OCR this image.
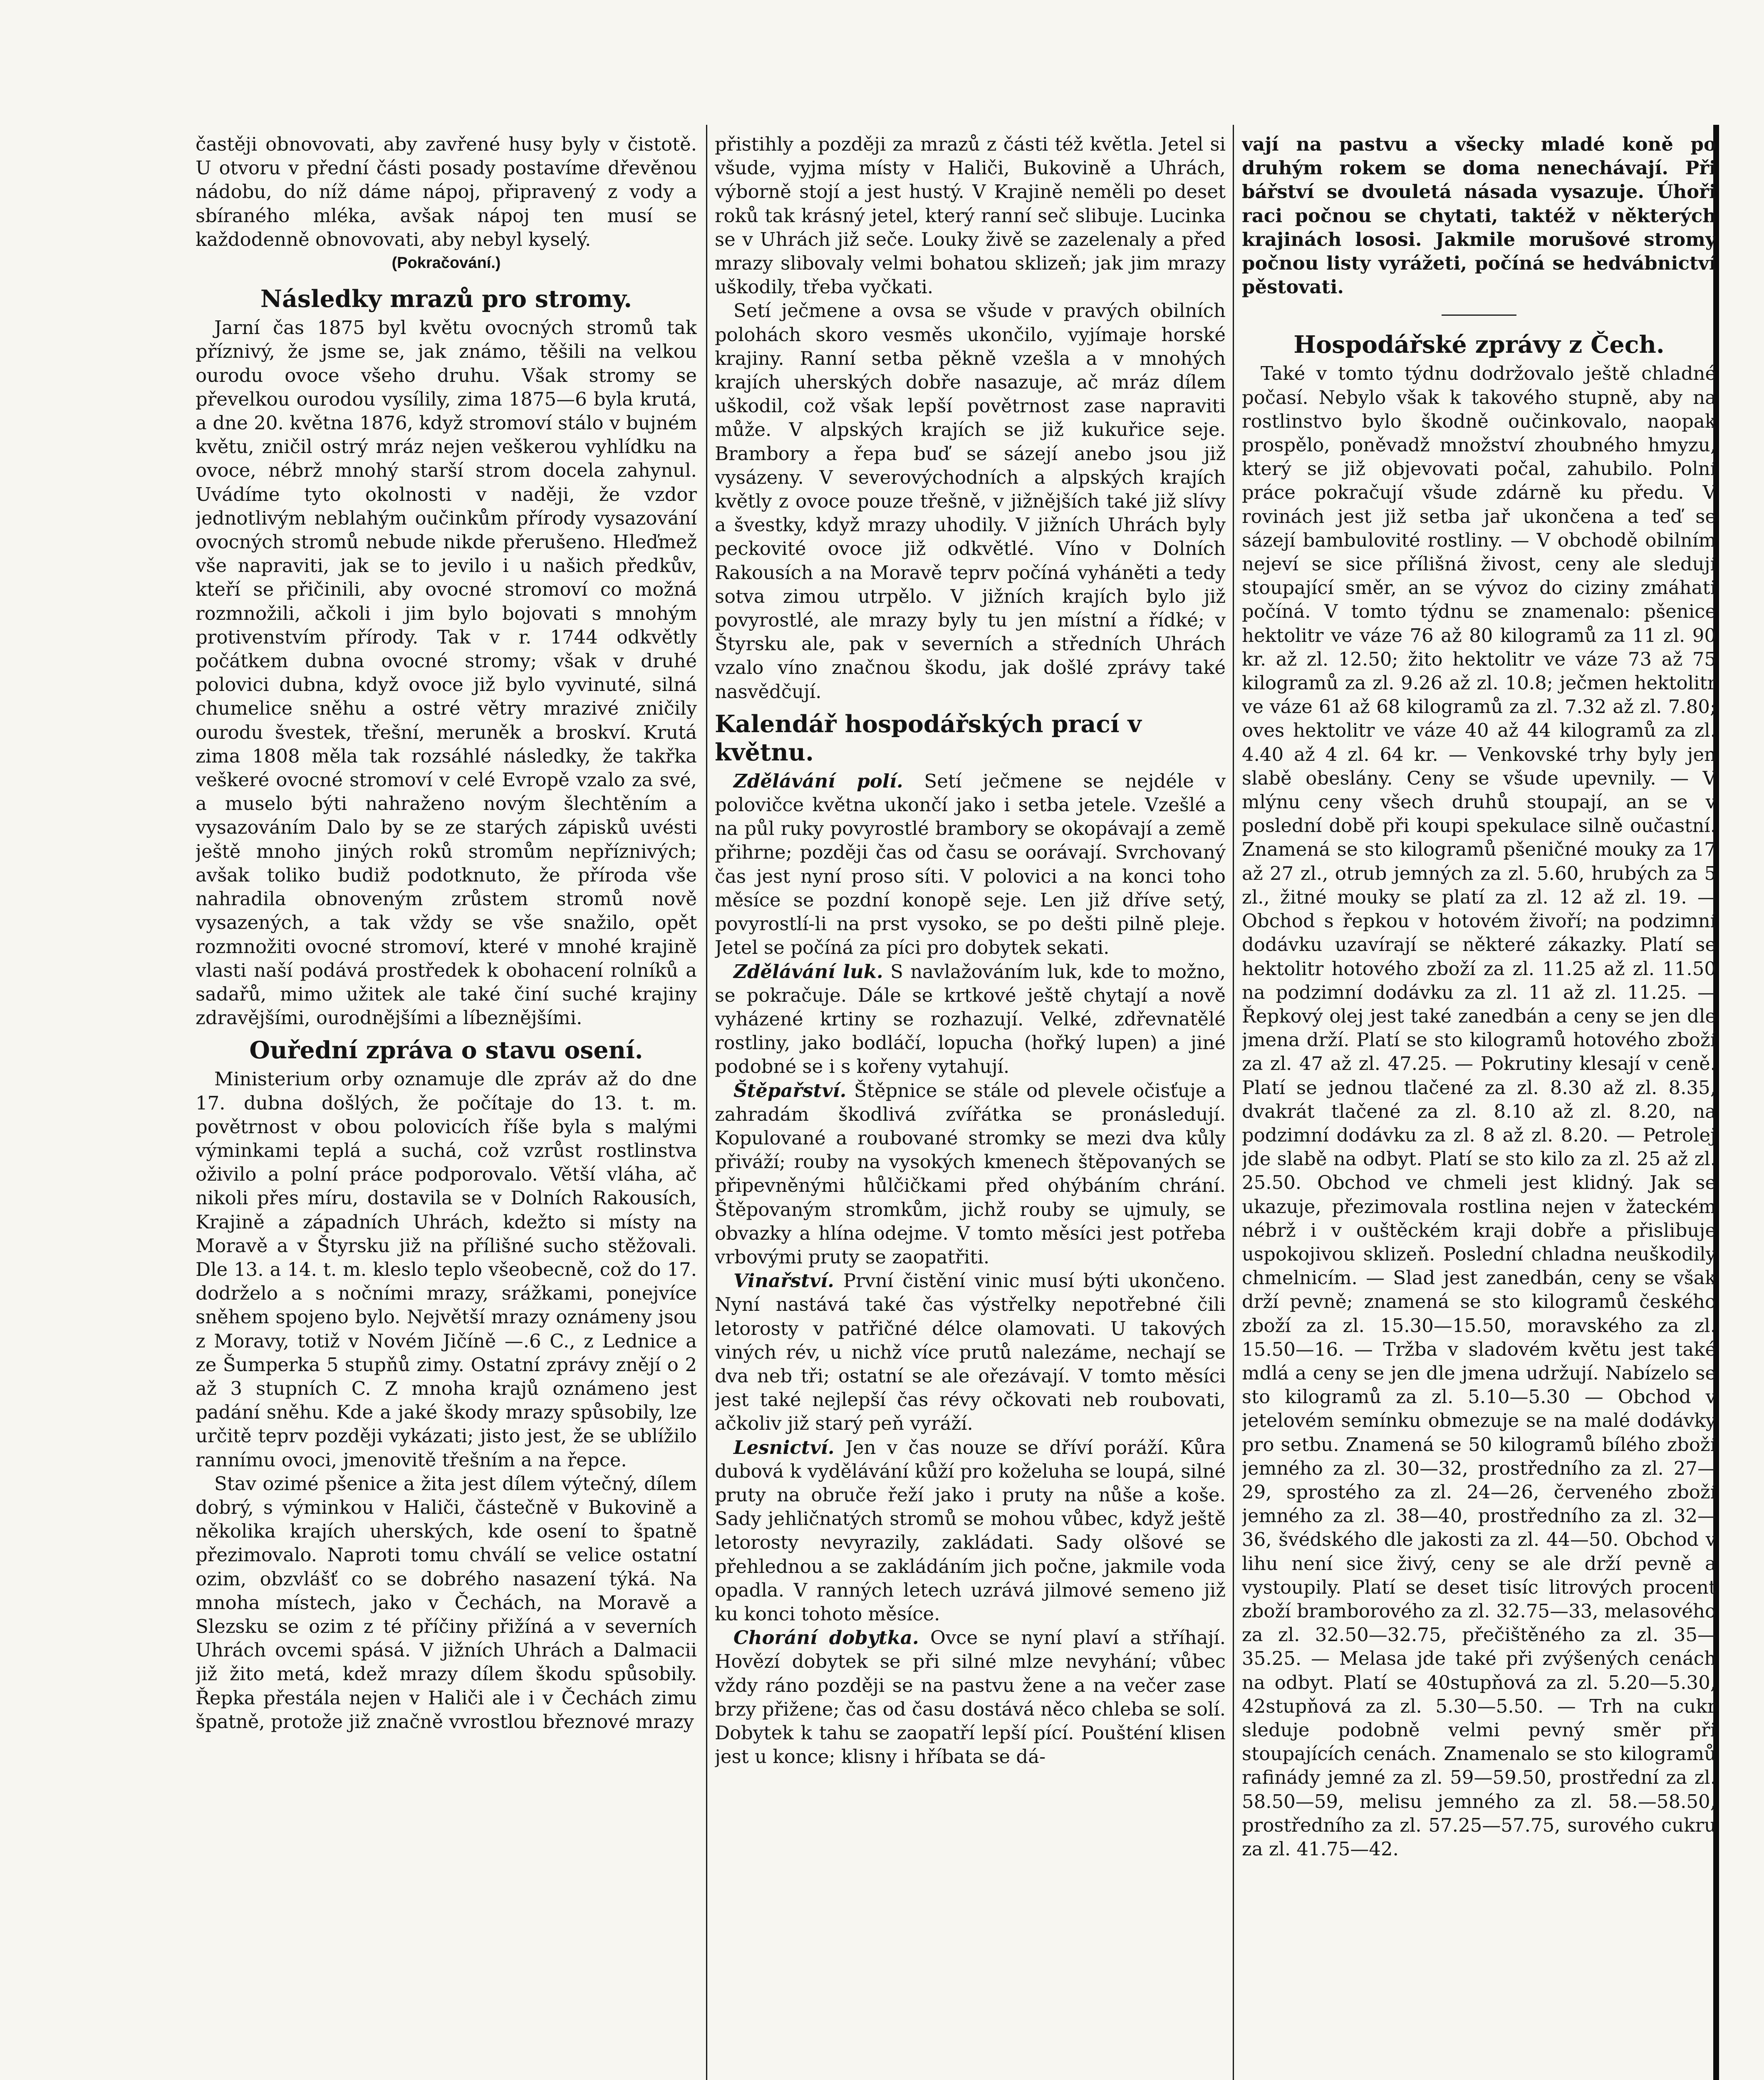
častěji obnovovati, aby zavřené husy byly v čistotě. U otvoru v přední části posady postavíme dřevěnou nádobu, do níž dáme nápoj, připravený z vody a sbíraného mléka, avšak nápoj ten musí se každodenně obnovovati, aby nebyl kyselý.

(Pokračování.)
Následky mrazů pro stromy.

Jarní čas 1875 byl květu ovocných stromů tak příznivý, že jsme se, jak známo, těšili na velkou ourodu ovoce všeho druhu. Však stromy se převelkou ourodou vysílily, zima 1875—6 byla krutá, a dne 20. května 1876, když stromoví stálo v bujném květu, zničil ostrý mráz nejen veškerou vyhlídku na ovoce, nébrž mnohý starší strom docela zahynul. Uvádíme tyto okolnosti v naději, že vzdor jednotlivým neblahým oučinkům přírody vysazování ovocných stromů nebude nikde přerušeno. Hleďmež vše napraviti, jak se to jevilo i u našich předkův, kteří se přičinili, aby ovocné stromoví co možná rozmnožili, ačkoli i jim bylo bojovati s mnohým protivenstvím přírody. Tak v r. 1744 odkvětly počátkem dubna ovocné stromy; však v druhé polovici dubna, když ovoce již bylo vyvinuté, silná chumelice sněhu a ostré větry mrazivé zničily ourodu švestek, třešní, meruněk a broskví. Krutá zima 1808 měla tak rozsáhlé následky, že takřka veškeré ovocné stromoví v celé Evropě vzalo za své, a muselo býti nahraženo novým šlechtěním a vysazováním Dalo by se ze starých zápisků uvésti ještě mnoho jiných roků stromům nepříznivých; avšak toliko budiž podotknuto, že příroda vše nahradila obnoveným zrůstem stromů nově vysazených, a tak vždy se vše snažilo, opět rozmnožiti ovocné stromoví, které v mnohé krajině vlasti naší podává prostředek k obohacení rolníků a sadařů, mimo užitek ale také činí suché krajiny zdravějšími, ourodnějšími a líbeznějšími.

Ouřední zpráva o stavu osení.

Ministerium orby oznamuje dle zpráv až do dne 17. dubna došlých, že počítaje do 13. t. m. povětrnost v obou polovicích říše byla s malými výminkami teplá a suchá, což vzrůst rostlinstva oživilo a polní práce podporovalo. Větší vláha, ač nikoli přes míru, dostavila se v Dolních Rakousích, Krajině a západních Uhrách, kdežto si místy na Moravě a v Štyrsku již na přílišné sucho stěžovali. Dle 13. a 14. t. m. kleslo teplo všeobecně, což do 17. dodrželo a s nočními mrazy, srážkami, ponejvíce sněhem spojeno bylo. Největší mrazy oznámeny jsou z Moravy, totiž v Novém Jičíně —.6 C., z Lednice a ze Šumperka 5 stupňů zimy. Ostatní zprávy znějí o 2 až 3 stupních C. Z mnoha krajů oznámeno jest padání sněhu. Kde a jaké škody mrazy spůsobily, lze určitě teprv později vykázati; jisto jest, že se ublížilo rannímu ovoci, jmenovitě třešním a na řepce.

Stav ozimé pšenice a žita jest dílem výtečný, dílem dobrý, s výminkou v Haliči, částečně v Bukovině a několika krajích uherských, kde osení to špatně přezimovalo. Naproti tomu chválí se velice ostatní ozim, obzvlášť co se dobrého nasazení týká. Na mnoha místech, jako v Čechách, na Moravě a Slezsku se ozim z té příčiny přižíná a v severních Uhrách ovcemi spásá. V jižních Uhrách a Dalmacii již žito metá, kdež mrazy dílem škodu spůsobily. Řepka přestála nejen v Haliči ale i v Čechách zimu špatně, protože již značně vvrostlou březnové mrazy

přistihly a později za mrazů z části též květla. Jetel si všude, vyjma místy v Haliči, Bukovině a Uhrách, výborně stojí a jest hustý. V Krajině neměli po deset roků tak krásný jetel, který ranní seč slibuje. Lucinka se v Uhrách již seče. Louky živě se zazelenaly a před mrazy slibovaly velmi bohatou sklizeň; jak jim mrazy uškodily, třeba vyčkati.

Setí ječmene a ovsa se všude v pravých obilních polohách skoro vesměs ukončilo, vyjímaje horské krajiny. Ranní setba pěkně vzešla a v mnohých krajích uherských dobře nasazuje, ač mráz dílem uškodil, což však lepší povětrnost zase napraviti může. V alpských krajích se již kukuřice seje. Brambory a řepa buď se sázejí anebo jsou již vysázeny. V severovýchodních a alpských krajích květly z ovoce pouze třešně, v jižnějších také již slívy a švestky, když mrazy uhodily. V jižních Uhrách byly peckovité ovoce již odkvětlé. Víno v Dolních Rakousích a na Moravě teprv počíná vyháněti a tedy sotva zimou utrpělo. V jižních krajích bylo již povyrostlé, ale mrazy byly tu jen místní a řídké; v Štyrsku ale, pak v severních a středních Uhrách vzalo víno značnou škodu, jak došlé zprávy také nasvědčují.

Kalendář hospodářských prací v květnu.

Zdělávání polí. Setí ječmene se nejdéle v polovičce května ukončí jako i setba jetele. Vzešlé a na půl ruky povyrostlé brambory se okopávají a země přihrne; později čas od času se oorávají. Svrchovaný čas jest nyní proso síti. V polovici a na konci toho měsíce se pozdní konopě seje. Len již dříve setý, povyrostlí-li na prst vysoko, se po dešti pilně pleje. Jetel se počíná za píci pro dobytek sekati.

Zdělávání luk. S navlažováním luk, kde to možno, se pokračuje. Dále se krtkové ještě chytají a nově vyházené krtiny se rozhazují. Velké, zdřevnatělé rostliny, jako bodláčí, lopucha (hořký lupen) a jiné podobné se i s kořeny vytahují.

Štěpařství. Štěpnice se stále od plevele očisťuje a zahradám škodlivá zvířátka se pronásledují. Kopulované a roubované stromky se mezi dva kůly přiváží; rouby na vysokých kmenech štěpovaných se připevněnými hůlčičkami před ohýbáním chrání. Štěpovaným stromkům, jichž rouby se ujmuly, se obvazky a hlína odejme. V tomto měsíci jest potřeba vrbovými pruty se zaopatřiti.

Vinařství. První čistění vinic musí býti ukončeno. Nyní nastává také čas výstřelky nepotřebné čili letorosty v patřičné délce olamovati. U takových viných rév, u nichž více prutů nalezáme, nechají se dva neb tři; ostatní se ale ořezávají. V tomto měsíci jest také nejlepší čas révy očkovati neb roubovati, ačkoliv již starý peň vyráží.

Lesnictví. Jen v čas nouze se dříví poráží. Kůra dubová k vydělávání kůží pro koželuha se loupá, silné pruty na obruče řeží jako i pruty na nůše a koše. Sady jehličnatých stromů se mohou vůbec, když ještě letorosty nevyrazily, zakládati. Sady olšové se přehlednou a se zakládáním jich počne, jakmile voda opadla. V ranných letech uzrává jilmové semeno již ku konci tohoto měsíce.

Chorání dobytka. Ovce se nyní plaví a stříhají. Hovězí dobytek se při silné mlze nevyhání; vůbec vždy ráno později se na pastvu žene a na večer zase brzy přižene; čas od času dostává něco chleba se solí. Dobytek k tahu se zaopatří lepší pící. Poušténí klisen jest u konce; klisny i hříbata se dá-

vají na pastvu a všecky mladé koně po druhým rokem se doma nenechávají. Při bářství se dvouletá násada vysazuje. Úhoři raci počnou se chytati, taktéž v některých krajinách lososi. Jakmile morušové stromy počnou listy vyrážeti, počíná se hedvábnictví pěstovati.

Hospodářské zprávy z Čech.

Také v tomto týdnu dodržovalo ještě chladné počasí. Nebylo však k takového stupně, aby na rostlinstvo bylo škodně oučinkovalo, naopak prospělo, poněvadž množství zhoubného hmyzu, který se již objevovati počal, zahubilo. Polní práce pokračují všude zdárně ku předu. V rovinách jest již setba jař ukončena a teď se sázejí bambulovité rostliny. — V obchodě obilním nejeví se sice přílišná živost, ceny ale sledují stoupající směr, an se vývoz do ciziny zmáhati počíná. V tomto týdnu se znamenalo: pšenice hektolitr ve váze 76 až 80 kilogramů za 11 zl. 90 kr. až zl. 12.50; žito hektolitr ve váze 73 až 75 kilogramů za zl. 9.26 až zl. 10.8; ječmen hektolitr ve váze 61 až 68 kilogramů za zl. 7.32 až zl. 7.80; oves hektolitr ve váze 40 až 44 kilogramů za zl. 4.40 až 4 zl. 64 kr. — Venkovské trhy byly jen slabě obeslány. Ceny se všude upevnily. — V mlýnu ceny všech druhů stoupají, an se v poslední době při koupi spekulace silně oučastní. Znamená se sto kilogramů pšeničné mouky za 17 až 27 zl., otrub jemných za zl. 5.60, hrubých za 5 zl., žitné mouky se platí za zl. 12 až zl. 19. — Obchod s řepkou v hotovém živoří; na podzimní dodávku uzavírají se některé zákazky. Platí se hektolitr hotového zboží za zl. 11.25 až zl. 11.50 na podzimní dodávku za zl. 11 až zl. 11.25. — Řepkový olej jest také zanedbán a ceny se jen dle jmena drží. Platí se sto kilogramů hotového zboží za zl. 47 až zl. 47.25. — Pokrutiny klesají v ceně. Platí se jednou tlačené za zl. 8.30 až zl. 8.35, dvakrát tlačené za zl. 8.10 až zl. 8.20, na podzimní dodávku za zl. 8 až zl. 8.20. — Petrolej jde slabě na odbyt. Platí se sto kilo za zl. 25 až zl. 25.50. Obchod ve chmeli jest klidný. Jak se ukazuje, přezimovala rostlina nejen v žateckém nébrž i v ouštěckém kraji dobře a přislibuje uspokojivou sklizeň. Poslední chladna neuškodily chmelnicím. — Slad jest zanedbán, ceny se však drží pevně; znamená se sto kilogramů českého zboží za zl. 15.30—15.50, moravského za zl. 15.50—16. — Tržba v sladovém květu jest také mdlá a ceny se jen dle jmena udržují. Nabízelo se sto kilogramů za zl. 5.10—5.30 — Obchod v jetelovém semínku obmezuje se na malé dodávky pro setbu. Znamená se 50 kilogramů bílého zboží jemného za zl. 30—32, prostředního za zl. 27—29, sprostého za zl. 24—26, červeného zboží jemného za zl. 38—40, prostředního za zl. 32—36, švédského dle jakosti za zl. 44—50. Obchod v lihu není sice živý, ceny se ale drží pevně a vystoupily. Platí se deset tisíc litrových procent zboží bramborového za zl. 32.75—33, melasového za zl. 32.50—32.75, přečištěného za zl. 35—35.25. — Melasa jde také při zvýšených cenách na odbyt. Platí se 40stupňová za zl. 5.20—5.30, 42stupňová za zl. 5.30—5.50. — Trh na cukr sleduje podobně velmi pevný směr při stoupajících cenách. Znamenalo se sto kilogramů rafinády jemné za zl. 59—59.50, prostřední za zl. 58.50—59, melisu jemného za zl. 58.—58.50, prostředního za zl. 57.25—57.75, surového cukru za zl. 41.75—42.
